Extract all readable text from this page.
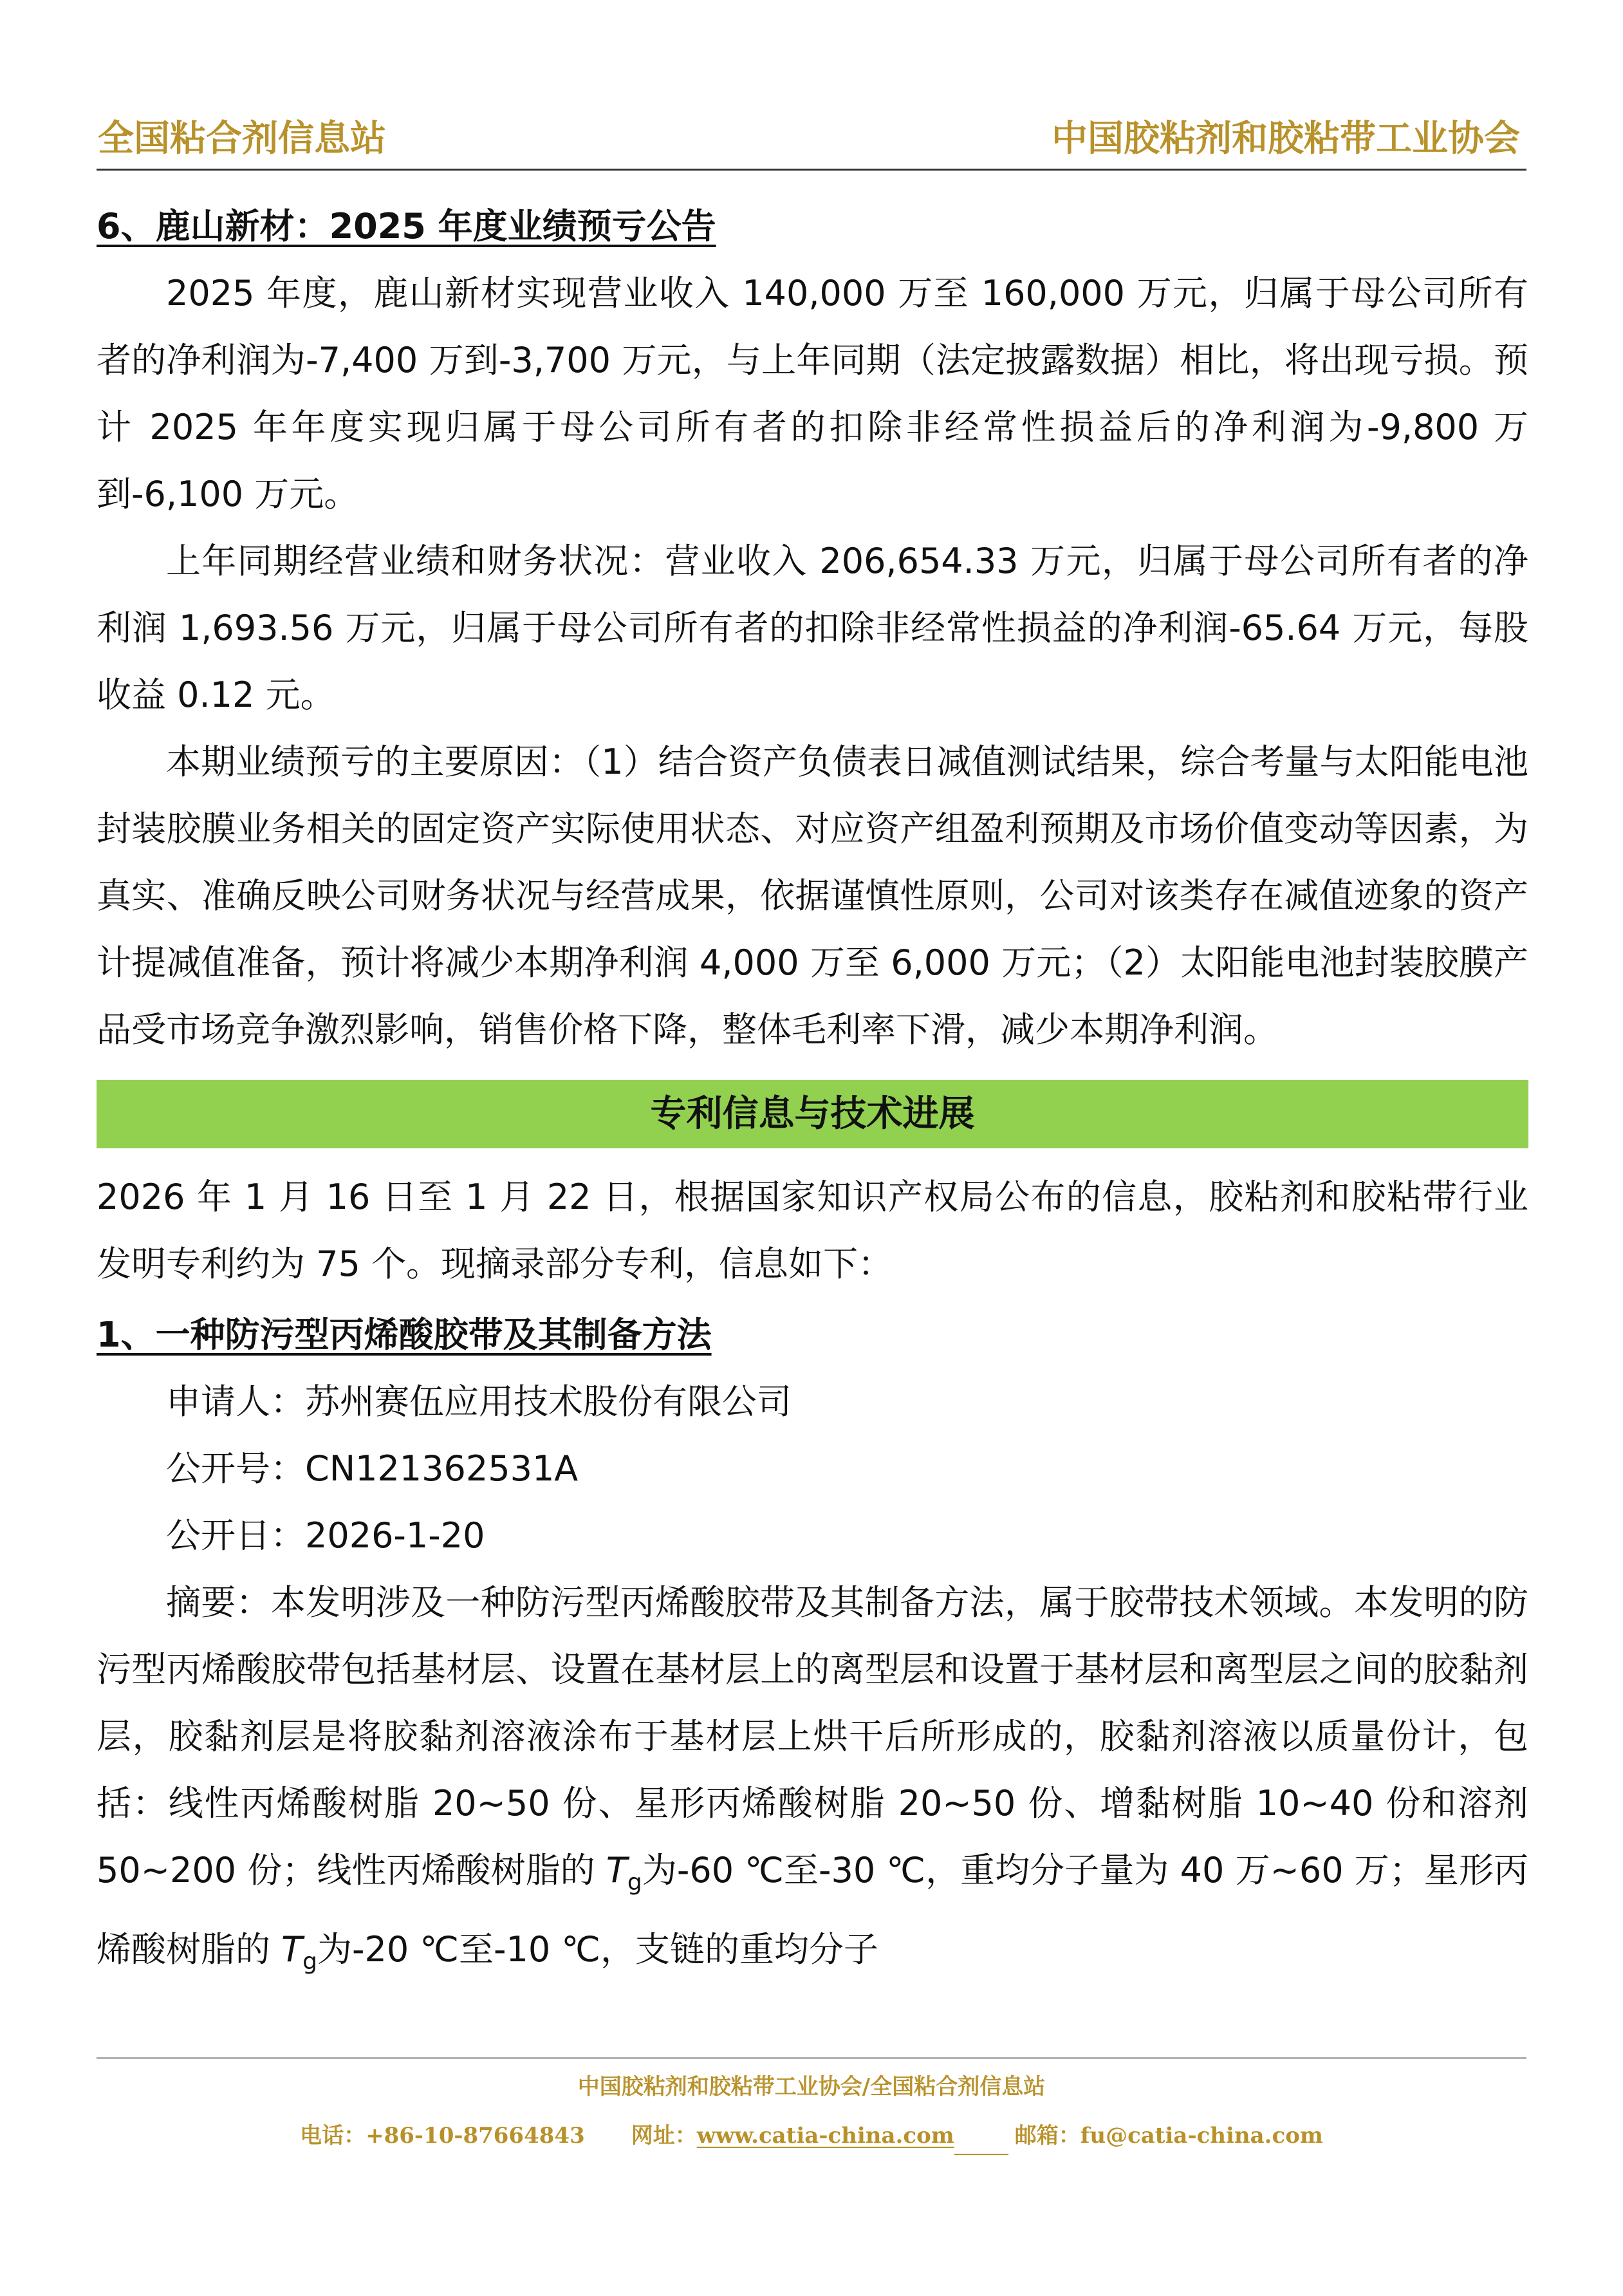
全国粘合剂信息站	中国胶粘剂和胶粘带工业协会
6、鹿山新材：2025 年度业绩预亏公告

2025 年度，鹿山新材实现营业收入 140,000 万至 160,000 万元，归属于母公司所有者的净利润为-7,400 万到-3,700 万元，与上年同期（法定披露数据）相比，将出现亏损。预计 2025 年年度实现归属于母公司所有者的扣除非经常性损益后的净利润为-9,800 万到-6,100 万元。

上年同期经营业绩和财务状况：营业收入 206,654.33 万元，归属于母公司所有者的净利润 1,693.56 万元，归属于母公司所有者的扣除非经常性损益的净利润-65.64 万元，每股收益 0.12 元。

本期业绩预亏的主要原因：（1）结合资产负债表日减值测试结果，综合考量与太阳能电池封装胶膜业务相关的固定资产实际使用状态、对应资产组盈利预期及市场价值变动等因素，为真实、准确反映公司财务状况与经营成果，依据谨慎性原则，公司对该类存在减值迹象的资产计提减值准备，预计将减少本期净利润 4,000 万至 6,000 万元；（2）太阳能电池封装胶膜产品受市场竞争激烈影响，销售价格下降，整体毛利率下滑，减少本期净利润。

专利信息与技术进展

2026 年 1 月 16 日至 1 月 22 日，根据国家知识产权局公布的信息，胶粘剂和胶粘带行业发明专利约为 75 个。现摘录部分专利，信息如下：

1、一种防污型丙烯酸胶带及其制备方法

申请人：苏州赛伍应用技术股份有限公司

公开号：CN121362531A

公开日：2026-1-20

摘要：本发明涉及一种防污型丙烯酸胶带及其制备方法，属于胶带技术领域。本发明的防污型丙烯酸胶带包括基材层、设置在基材层上的离型层和设置于基材层和离型层之间的胶黏剂层，胶黏剂层是将胶黏剂溶液涂布于基材层上烘干后所形成的，胶黏剂溶液以质量份计，包括：线性丙烯酸树脂 20~50 份、星形丙烯酸树脂 20~50 份、增黏树脂 10~40 份和溶剂 50~200 份；线性丙烯酸树脂的 $T_g$为-60 ℃至-30 ℃，重均分子量为 40 万~60 万；星形丙烯酸树脂的 $T_g$为-20 ℃至-10 ℃，支链的重均分子

中国胶粘剂和胶粘带工业协会/全国粘合剂信息站
电话：+86-10-87664843 网址：www.catia-china.com	邮箱：fu@catia-china.com
